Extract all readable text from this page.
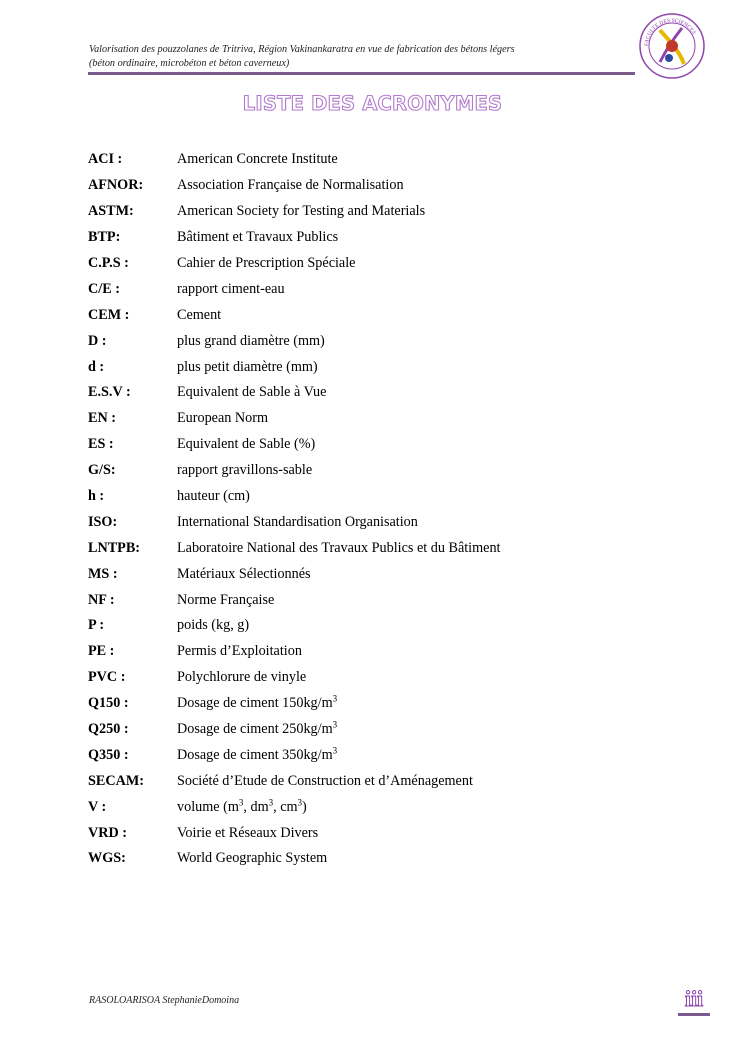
Valorisation des pouzzolanes de Tritriva, Région Vakinankaratra en vue de fabrication des bétons légers
(béton ordinaire, microbéton et béton caverneux)
FACULTE DES SCIENCES
LISTE DES ACRONYMES
ACI :	American Concrete Institute
AFNOR:	Association Française de Normalisation
ASTM:	American Society for Testing and Materials
BTP:	Bâtiment et Travaux Publics
C.P.S :	Cahier de Prescription Spéciale
C/E :	rapport ciment-eau
CEM :	Cement
D :	plus grand diamètre (mm)
d :	plus petit diamètre (mm)
E.S.V :	Equivalent de Sable à Vue
EN :	European Norm
ES :	Equivalent de Sable (%)
G/S:	rapport gravillons-sable
h :	hauteur (cm)
ISO:	International Standardisation Organisation
LNTPB:	Laboratoire National des Travaux Publics et du Bâtiment
MS :	Matériaux Sélectionnés
NF :	Norme Française
P :	poids (kg, g)
PE :	Permis d’Exploitation
PVC :	Polychlorure de vinyle
Q150 :	Dosage de ciment $150kg/m^3$
Q250 :	Dosage de ciment $250kg/m^3$
Q350 :	Dosage de ciment $350kg/m^3$
SECAM:	Société d’Etude de Construction et d’Aménagement
V :	volume ($m^3$, $dm^3$, $cm^3$)
VRD :	Voirie et Réseaux Divers
WGS:	World Geographic System
RASOLOARISOA StephanieDomoina	iii
